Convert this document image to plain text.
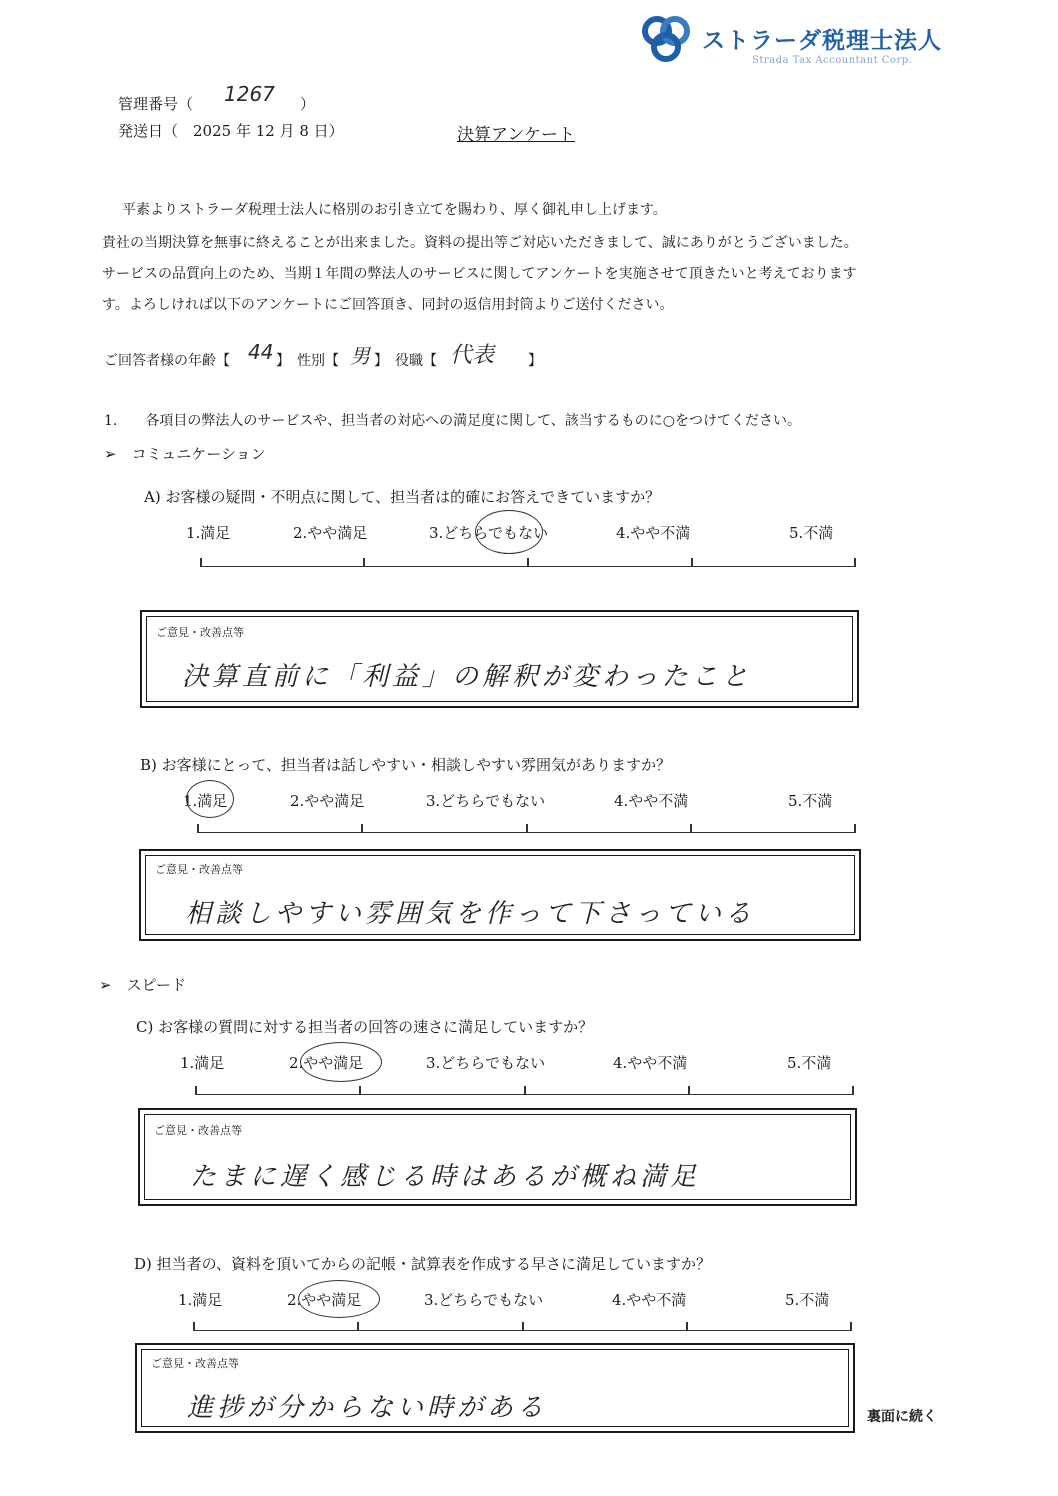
ストラーダ税理士法人
Strada Tax Accountant Corp.
管理番号（ 1267 ）
発送日（　2025 年 12 月 8 日）	決算アンケート
平素よりストラーダ税理士法人に格別のお引き立てを賜わり、厚く御礼申し上げます。
貴社の当期決算を無事に終えることが出来ました。資料の提出等ご対応いただきまして、誠にありがとうございました。
サービスの品質向上のため、当期１年間の弊法人のサービスに関してアンケートを実施させて頂きたいと考えております
す。よろしければ以下のアンケートにご回答頂き、同封の返信用封筒よりご送付ください。
ご回答者様の年齢【 44 】　性別【 男 】　役職【 代表 】
1.　　各項目の弊法人のサービスや、担当者の対応への満足度に関して、該当するものに○をつけてください。
➢　コミュニケーション
A) お客様の疑問・不明点に関して、担当者は的確にお答えできていますか？
1.満足	2.やや満足	3.どちらでもない	4.やや不満	5.不満
ご意見・改善点等
決算直前に「利益」の解釈が変わったこと
B) お客様にとって、担当者は話しやすい・相談しやすい雰囲気がありますか？
1.満足	2.やや満足	3.どちらでもない	4.やや不満	5.不満
ご意見・改善点等
相談しやすい雰囲気を作って下さっている
➢　スピード
C) お客様の質問に対する担当者の回答の速さに満足していますか？
1.満足	2.やや満足	3.どちらでもない	4.やや不満	5.不満
ご意見・改善点等
たまに遅く感じる時はあるが概ね満足
D) 担当者の、資料を頂いてからの記帳・試算表を作成する早さに満足していますか？
1.満足	2.やや満足	3.どちらでもない	4.やや不満	5.不満
ご意見・改善点等
進捗が分からない時がある	裏面に続く
